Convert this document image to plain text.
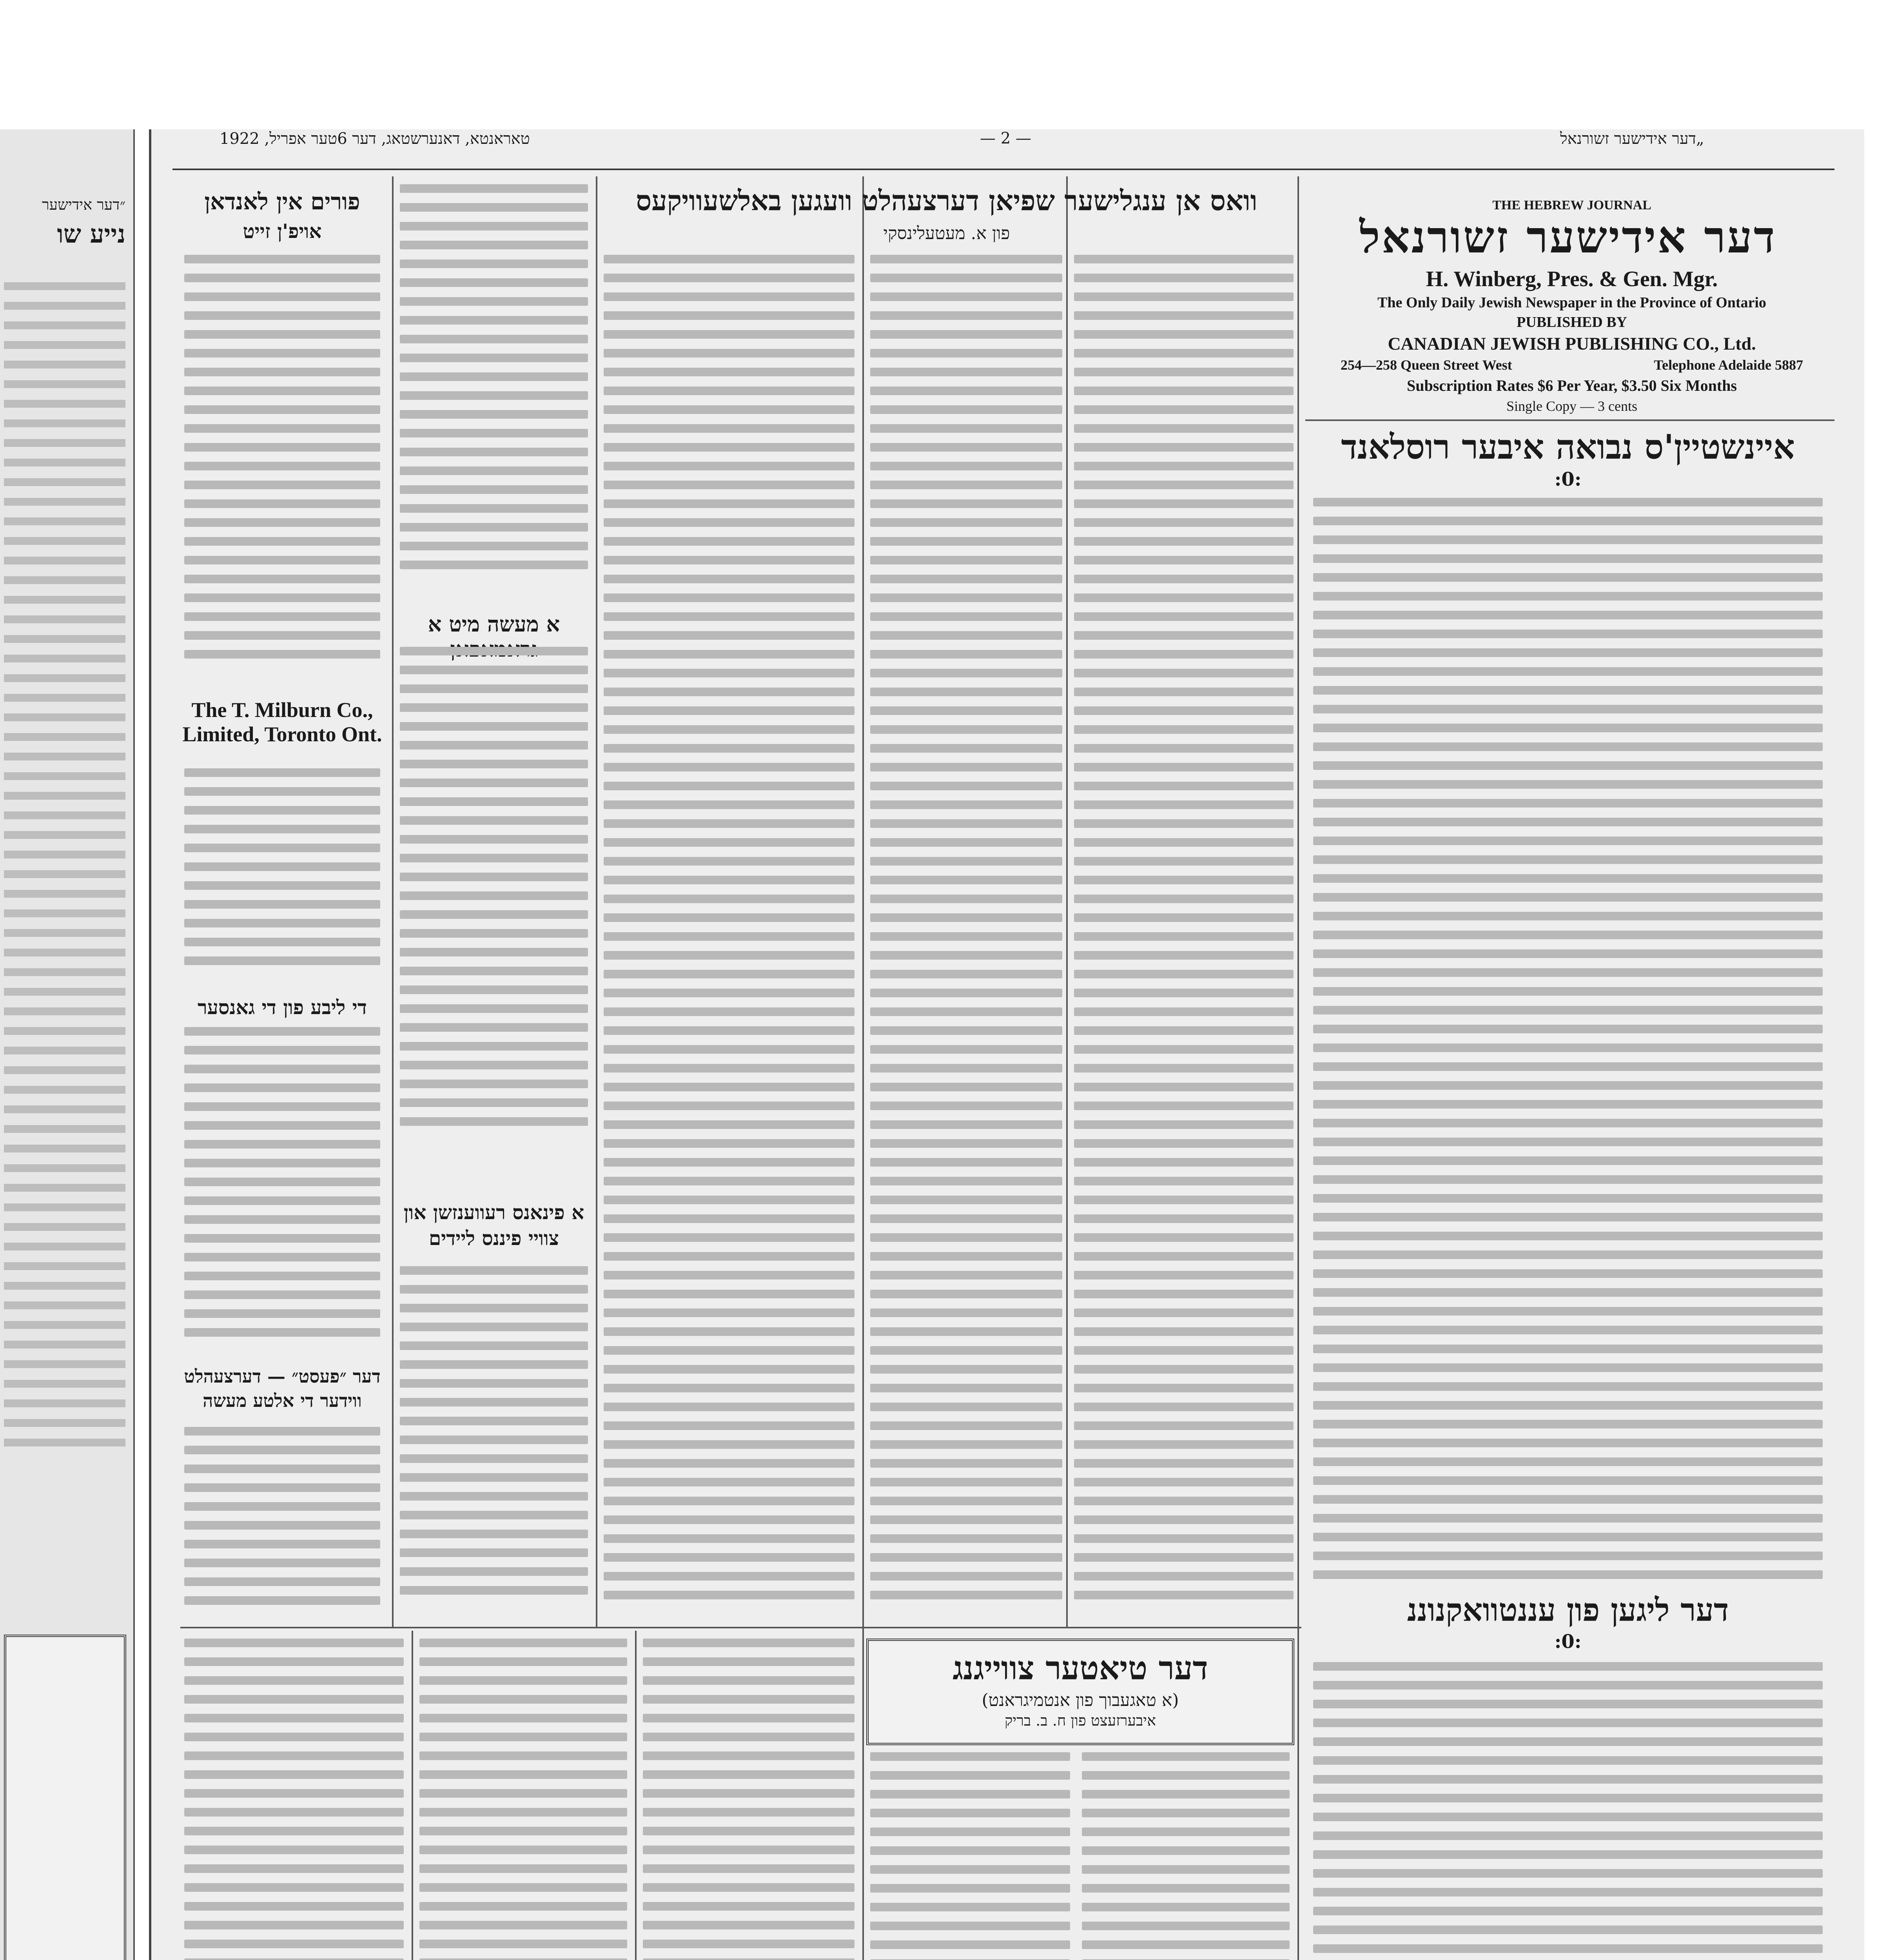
״דער אידישער
נייע שו
טאראנטא, דאנערשטאג, דער 6טער אפריל, 1922	— 2 —	„דער אידישער זשורנאל
THE HEBREW JOURNAL
דער אידישער זשורנאל
H. Winberg, Pres. & Gen. Mgr.
The Only Daily Jewish Newspaper in the Province of Ontario
PUBLISHED BY
CANADIAN JEWISH PUBLISHING CO., Ltd.
254—258 Queen Street West	Telephone Adelaide 5887
Subscription Rates $6 Per Year, $3.50 Six Months
Single Copy — 3 cents
איינשטיין'ס נבואה איבער רוסלאנד
:0:
דער ליגען פון עננטוואקנוננ
:0:
וואס אן ענגלישער שפיאן דערצעהלט וועגען באלשעוויקעס
פון א. מעטעלינסקי
א מעשה מיט א
א פינאנס רעווענזשן און צוויי פיננס ליידים
פורים אין לאנדאן
אויפ'ן זייט
The T. Milburn Co., Limited, Toronto Ont.
די ליבע פון די גאנסער
דער ״פעסט״ — דערצעהלט ווידער די אלטע מעשה
דער טיאטער צווייגנג
(א טאגעבוך פון אנטמיגראנט)
איבערזעצט פון ח. ב. בריק
